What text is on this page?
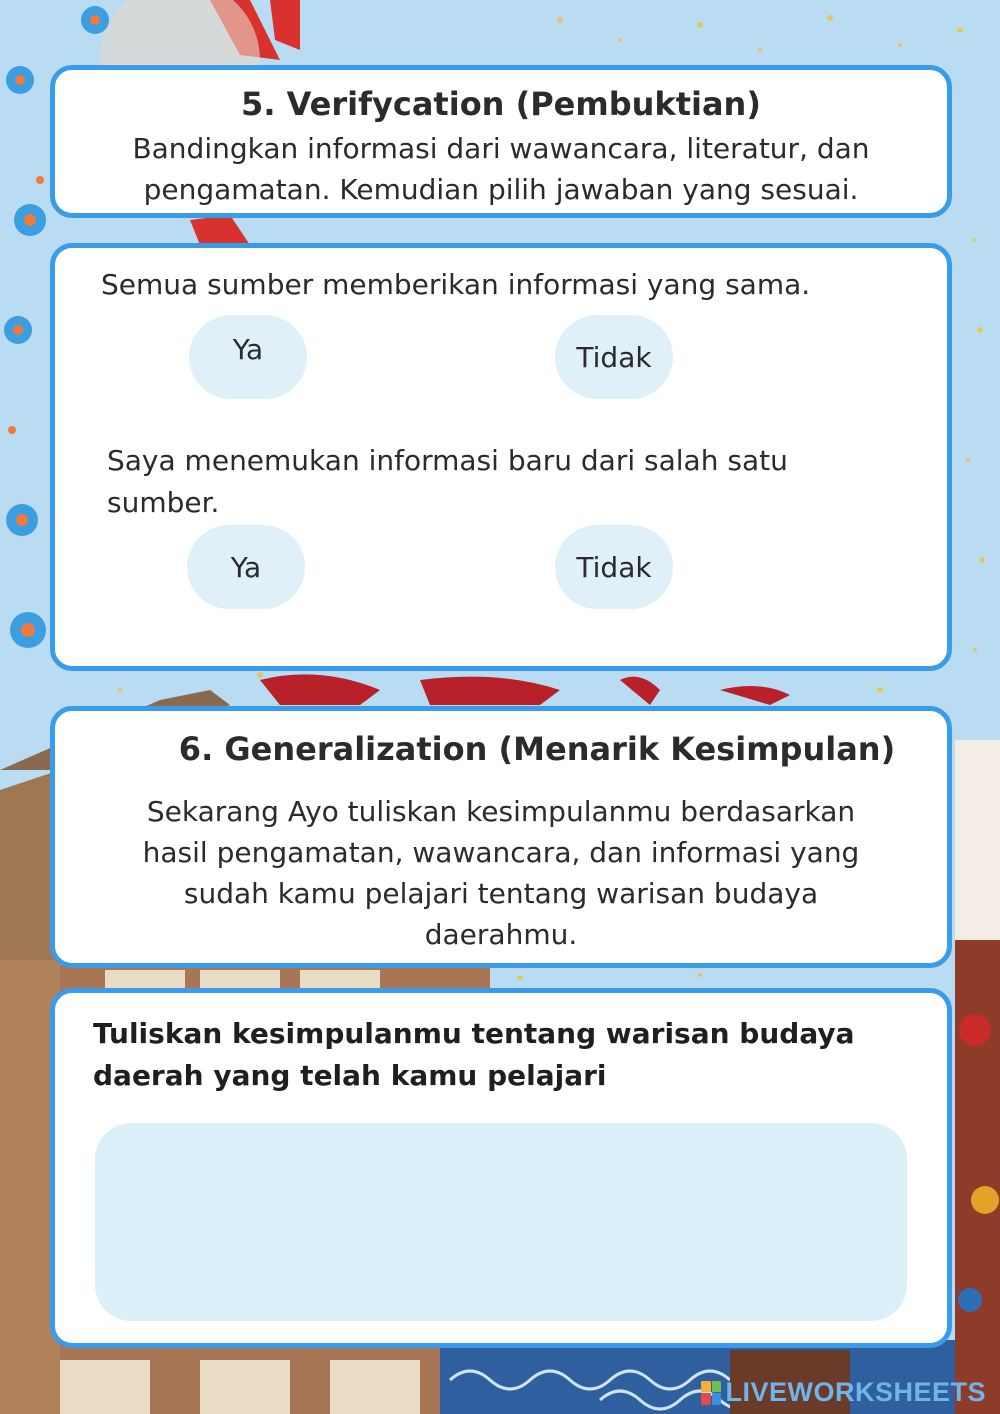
5. Verifycation (Pembuktian)

Bandingkan informasi dari wawancara, literatur, dan

pengamatan. Kemudian pilih jawaban yang sesuai.

Semua sumber memberikan informasi yang sama.

Ya	Tidak

Saya menemukan informasi baru dari salah satu

sumber.

Ya	Tidak
6. Generalization (Menarik Kesimpulan)

Sekarang Ayo tuliskan kesimpulanmu berdasarkan

hasil pengamatan, wawancara, dan informasi yang

sudah kamu pelajari tentang warisan budaya

daerahmu.

Tuliskan kesimpulanmu tentang warisan budaya
daerah yang telah kamu pelajari

LIVEWORKSHEETS
